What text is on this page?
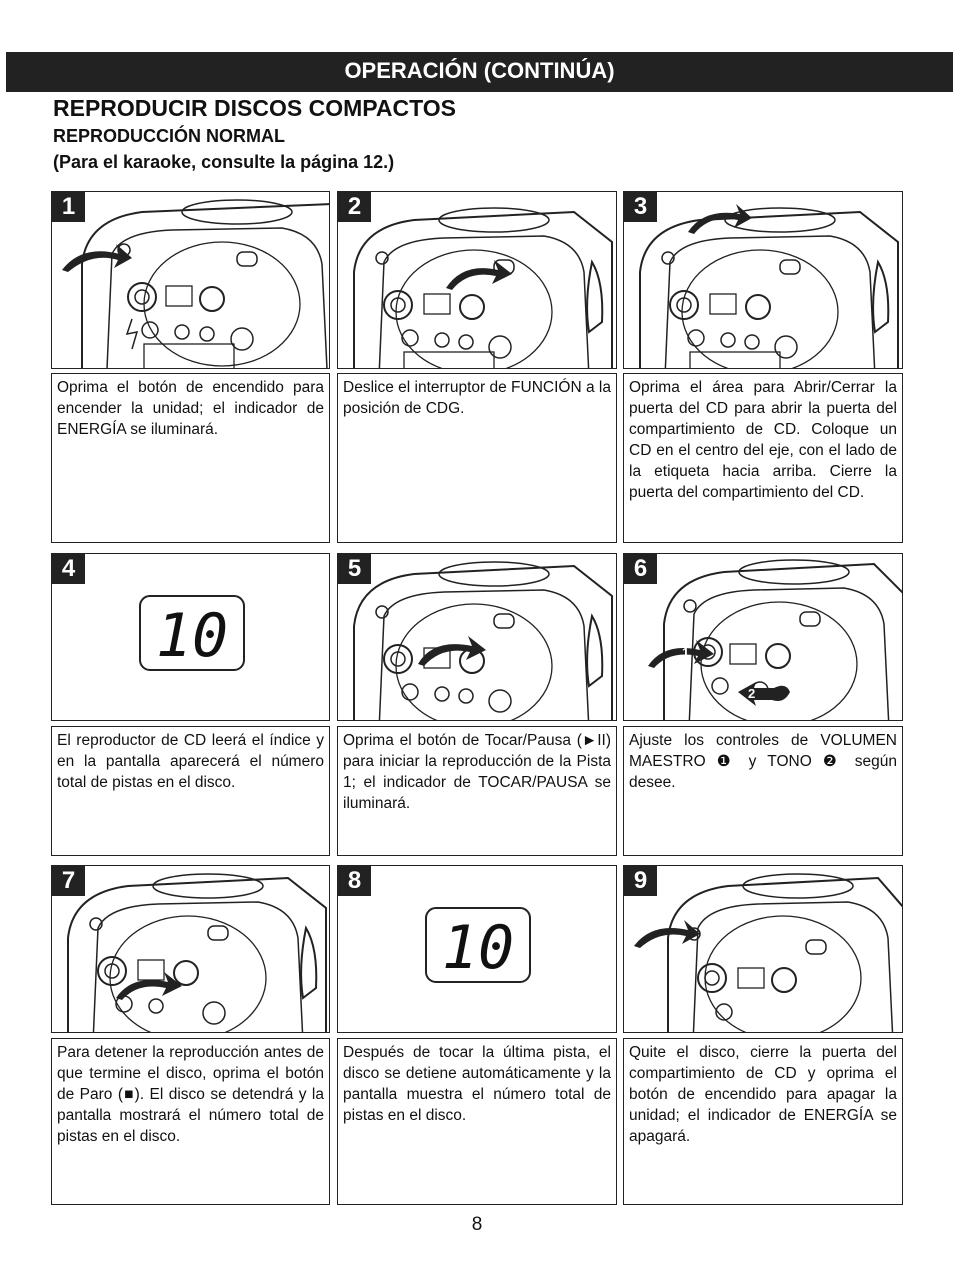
OPERACIÓN (CONTINÚA)
REPRODUCIR DISCOS COMPACTOS
REPRODUCCIÓN NORMAL
(Para el karaoke, consulte la página 12.)
1
Oprima el botón de encendido para encender la unidad; el indicador de ENERGÍA se iluminará.
2
Deslice el interruptor de FUNCIÓN a la posición de CDG.
3
Oprima el área para Abrir/Cerrar la puerta del CD para abrir la puerta del compartimiento de CD. Coloque un CD en el centro del eje, con el lado de la etiqueta hacia arriba. Cierre la puerta del compartimiento del CD.
4
10
El reproductor de CD leerá el índice y en la pantalla aparecerá el número total de pistas en el disco.
5
Oprima el botón de Tocar/Pausa (►II) para iniciar la reproducción de la Pista 1; el indicador de TOCAR/PAUSA se iluminará.
6
1
2
Ajuste los controles de VOLUMEN MAESTRO ❶ y TONO ❷ según desee.
7
Para detener la reproducción antes de que termine el disco, oprima el botón de Paro (■). El disco se detendrá y la pantalla mostrará el número total de pistas en el disco.
8
10
Después de tocar la última pista, el disco se detiene automáticamente y la pantalla muestra el número total de pistas en el disco.
9
Quite el disco, cierre la puerta del compartimiento de CD y oprima el botón de encendido para apagar la unidad; el indicador de ENERGÍA se apagará.
8
